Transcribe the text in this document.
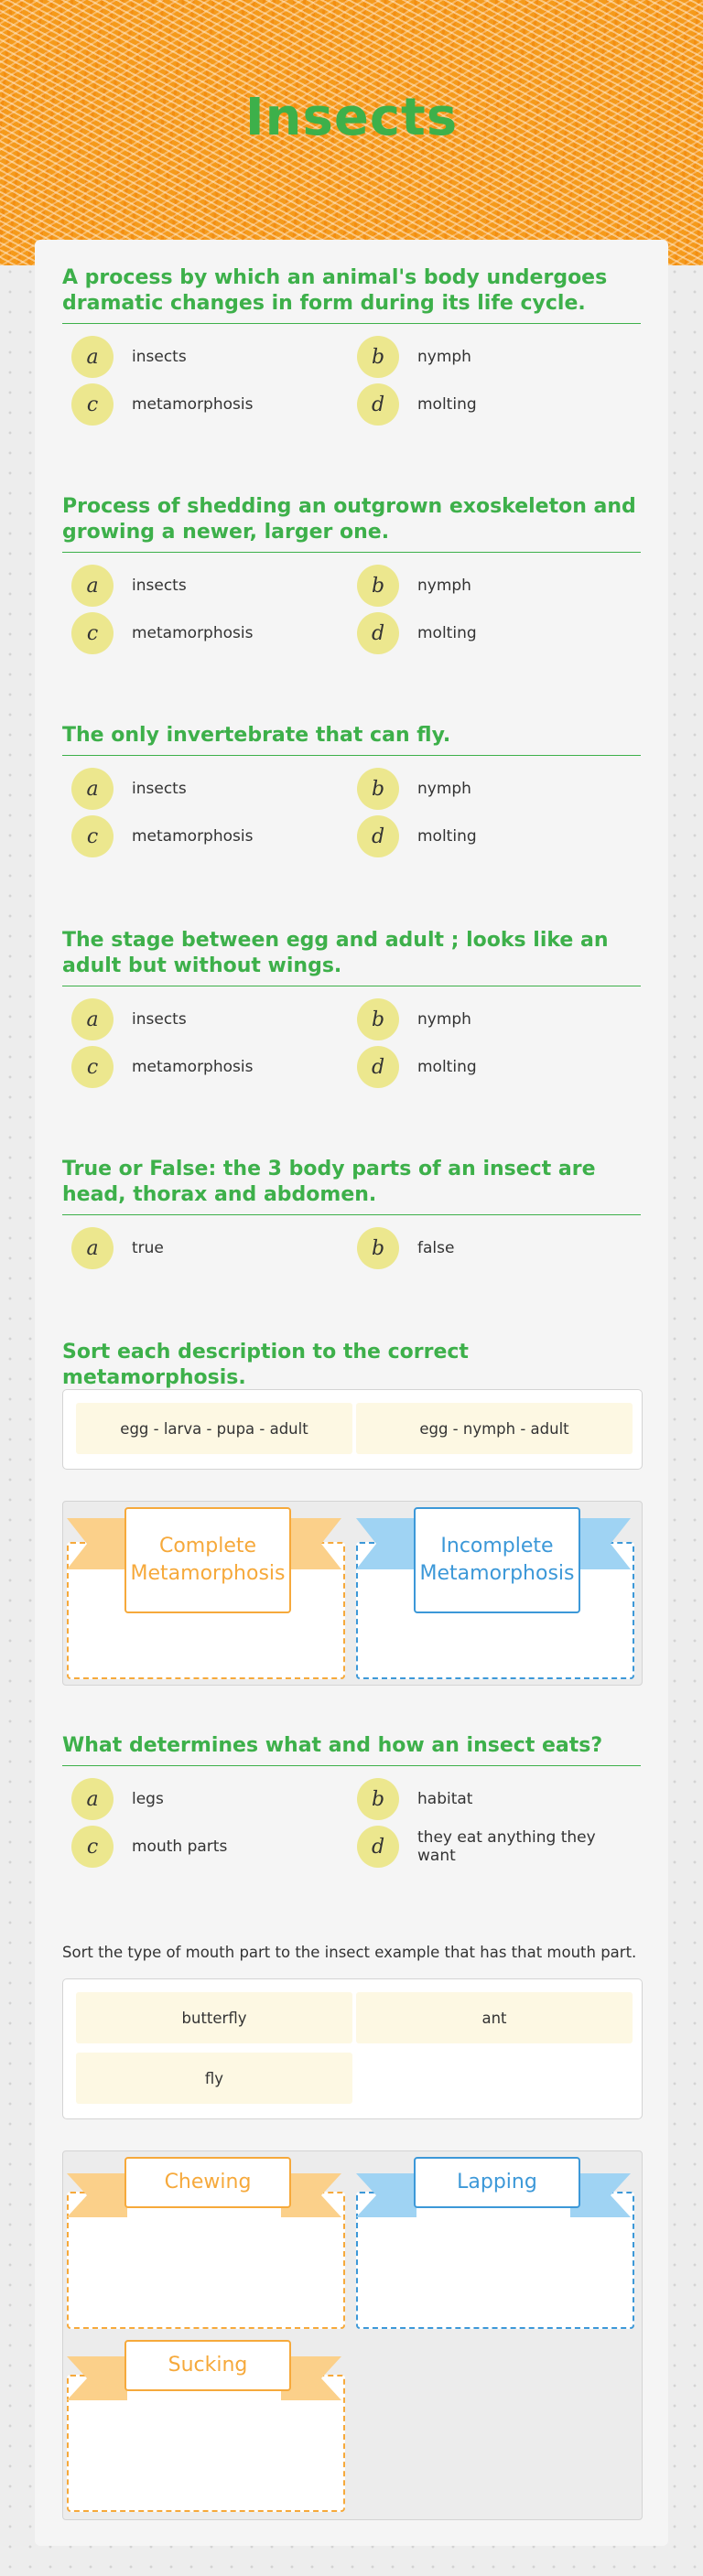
Insects
A process by which an animal's body undergoes dramatic changes in form during its life cycle.
a	insects	b	nymph
c	metamorphosis	d	molting
Process of shedding an outgrown exoskeleton and growing a newer, larger one.
a	insects	b	nymph
c	metamorphosis	d	molting
The only invertebrate that can fly.
a	insects	b	nymph
c	metamorphosis	d	molting
The stage between egg and adult ; looks like an adult but without wings.
a	insects	b	nymph
c	metamorphosis	d	molting
True or False: the 3 body parts of an insect are head, thorax and abdomen.
a	true	b	false
Sort each description to the correct metamorphosis.
egg - larva - pupa - adult	egg - nymph - adult
Complete Metamorphosis
Incomplete Metamorphosis
What determines what and how an insect eats?
a	legs	b	habitat
c	mouth parts	d	they eat anything they want
Sort the type of mouth part to the insect example that has that mouth part.
butterfly	ant
fly
Chewing	Lapping
Sucking
